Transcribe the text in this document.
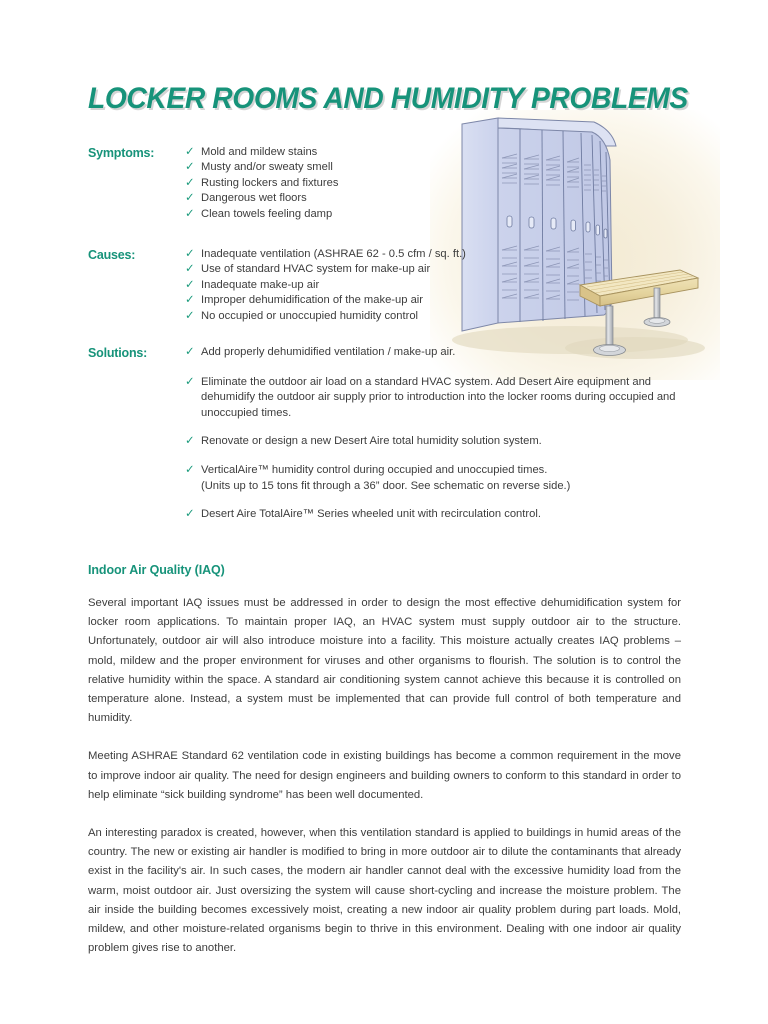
LOCKER ROOMS AND HUMIDITY PROBLEMS
Symptoms:	✓ Mold and mildew stains
✓ Musty and/or sweaty smell
✓ Rusting lockers and fixtures
✓ Dangerous wet floors
✓ Clean towels feeling damp
Causes:	✓ Inadequate ventilation (ASHRAE 62 - 0.5 cfm / sq. ft.)
✓ Use of standard HVAC system for make-up air
✓ Inadequate make-up air
✓ Improper dehumidification of the make-up air
✓ No occupied or unoccupied humidity control
Solutions:	✓ Add properly dehumidified ventilation / make-up air.
✓ Eliminate the outdoor air load on a standard HVAC system. Add Desert Aire equipment and dehumidify the outdoor air supply prior to introduction into the locker rooms during occupied and unoccupied times.
✓ Renovate or design a new Desert Aire total humidity solution system.
✓ VerticalAire™ humidity control during occupied and unoccupied times.
(Units up to 15 tons fit through a 36” door. See schematic on reverse side.)
✓ Desert Aire TotalAire™ Series wheeled unit with recirculation control.
Indoor Air Quality (IAQ)

Several important IAQ issues must be addressed in order to design the most effective dehumidification system for locker room applications. To maintain proper IAQ, an HVAC system must supply outdoor air to the structure. Unfortunately, outdoor air will also introduce moisture into a facility. This moisture actually creates IAQ problems – mold, mildew and the proper environment for viruses and other organisms to flourish. The solution is to control the relative humidity within the space. A standard air conditioning system cannot achieve this because it is controlled on temperature alone. Instead, a system must be implemented that can provide full control of both temperature and humidity.

Meeting ASHRAE Standard 62 ventilation code in existing buildings has become a common requirement in the move to improve indoor air quality. The need for design engineers and building owners to conform to this standard in order to help eliminate “sick building syndrome” has been well documented.

An interesting paradox is created, however, when this ventilation standard is applied to buildings in humid areas of the country. The new or existing air handler is modified to bring in more outdoor air to dilute the contaminants that already exist in the facility's air. In such cases, the modern air handler cannot deal with the excessive humidity load from the warm, moist outdoor air. Just oversizing the system will cause short-cycling and increase the moisture problem. The air inside the building becomes excessively moist, creating a new indoor air quality problem during part loads. Mold, mildew, and other moisture-related organisms begin to thrive in this environment. Dealing with one indoor air quality problem gives rise to another.
